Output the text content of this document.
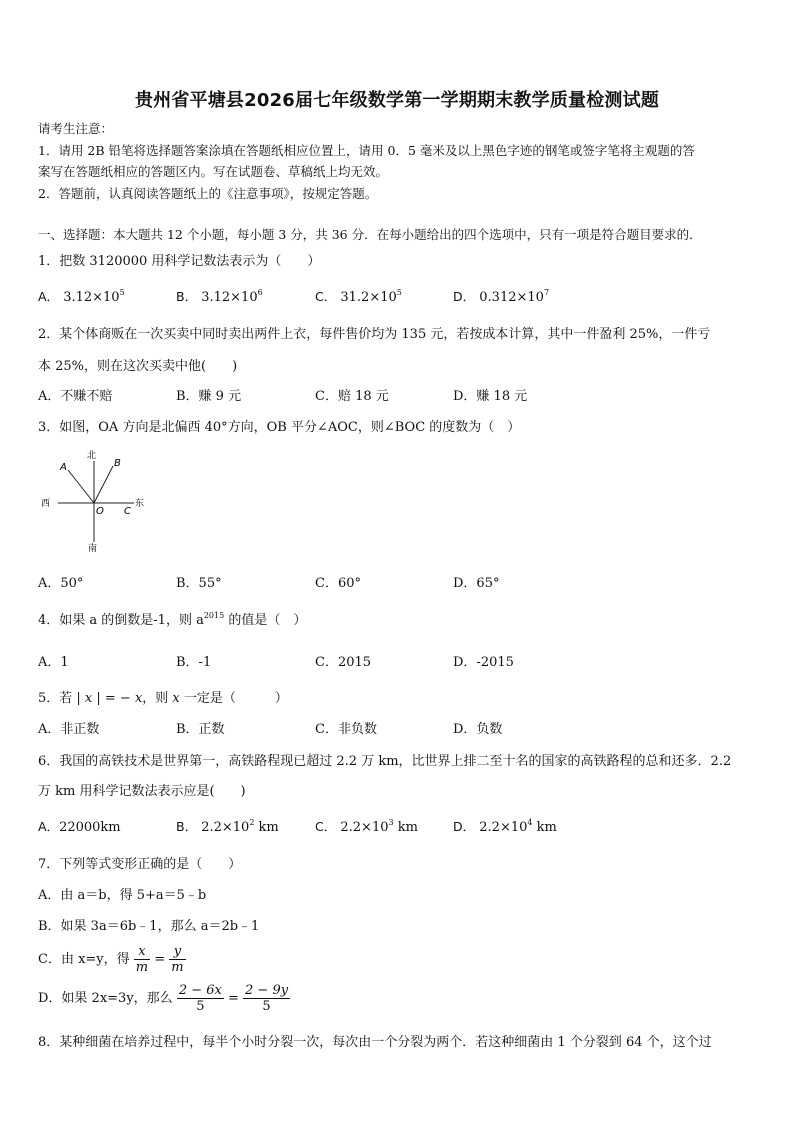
贵州省平塘县2026届七年级数学第一学期期末教学质量检测试题
请考生注意：
1．请用 2B 铅笔将选择题答案涂填在答题纸相应位置上，请用 0．5 毫米及以上黑色字迹的钢笔或签字笔将主观题的答
案写在答题纸相应的答题区内。写在试题卷、草稿纸上均无效。
2．答题前，认真阅读答题纸上的《注意事项》，按规定答题。
一、选择题：本大题共 12 个小题，每小题 3 分，共 36 分．在每小题给出的四个选项中，只有一项是符合题目要求的．
1．把数 3120000 用科学记数法表示为（　　）
A． $3.12\times 10^5$	B． $3.12\times 10^6$	C． $31.2\times 10^5$	D． $0.312\times 10^7$
2．某个体商贩在一次买卖中同时卖出两件上衣，每件售价均为 135 元，若按成本计算，其中一件盈利 25%，一件亏
本 25%，则在这次买卖中他(　　)
A．不赚不赔	B．赚 9 元	C．赔 18 元	D．赚 18 元
3．如图，OA 方向是北偏西 40°方向，OB 平分∠AOC，则∠BOC 的度数为（　）
北
南
西	东
A	B
O C
A．50°	B．55°	C．60°	D．65°
4．如果 a 的倒数是-1，则 $a^{2015}$ 的值是（　）
A．1	B．-1	C．2015	D．-2015
5．若 | x | = − x，则 x 一定是（　　　）
A．非正数	B．正数	C．非负数	D．负数
6．我国的高铁技术是世界第一，高铁路程现已超过 2.2 万 km，比世界上排二至十名的国家的高铁路程的总和还多．2.2
万 km 用科学记数法表示应是(　　)
A．22000km	B． $2.2\times 10^2$ km	C． $2.2\times 10^3$ km	D． $2.2\times 10^4$ km
7．下列等式变形正确的是（　　）
A．由 a＝b，得 5+a＝5﹣b
B．如果 3a＝6b﹣1，那么 a＝2b﹣1
C．由 x=y，得 $\frac{x}{m} = \frac{y}{m}$
D．如果 2x=3y，那么 $\frac{2 - 6x}{5} = \frac{2 - 9y}{5}$
8．某种细菌在培养过程中，每半个小时分裂一次，每次由一个分裂为两个．若这种细菌由 1 个分裂到 64 个，这个过
